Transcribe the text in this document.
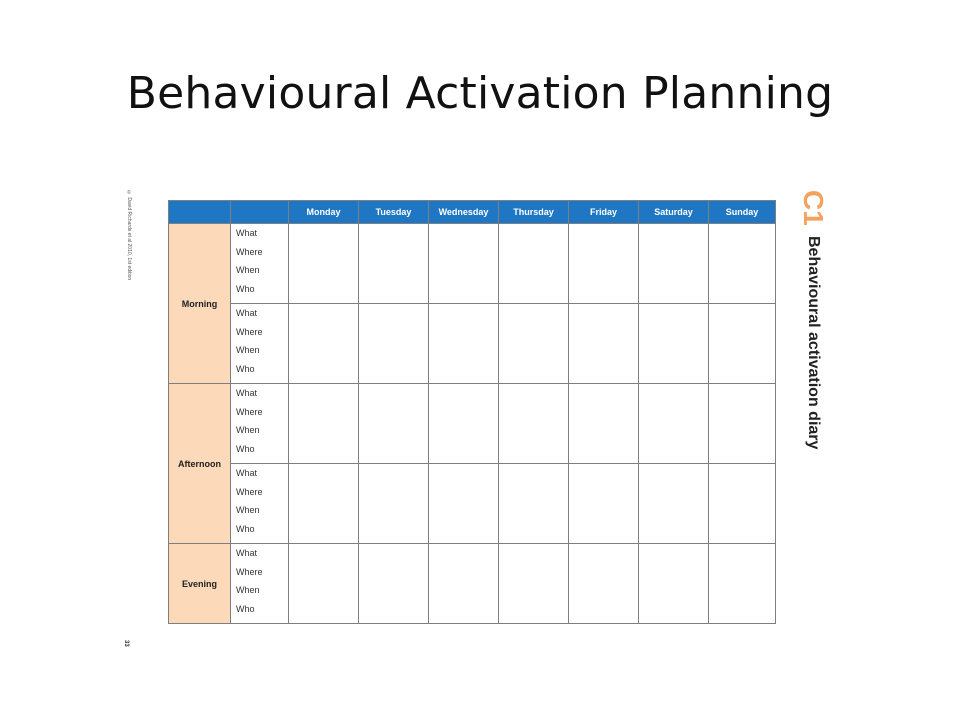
Behavioural Activation Planning
© David Richards et al 2010, 1st edition
33
		Monday	Tuesday	Wednesday	Thursday	Friday	Saturday	Sunday
Morning	What
Where
When
Who							

	What
Where
When
Who							

Afternoon	What
Where
When
Who							

	What
Where
When
Who							

Evening	What
Where
When
Who							

C1 Behavioural activation diary
